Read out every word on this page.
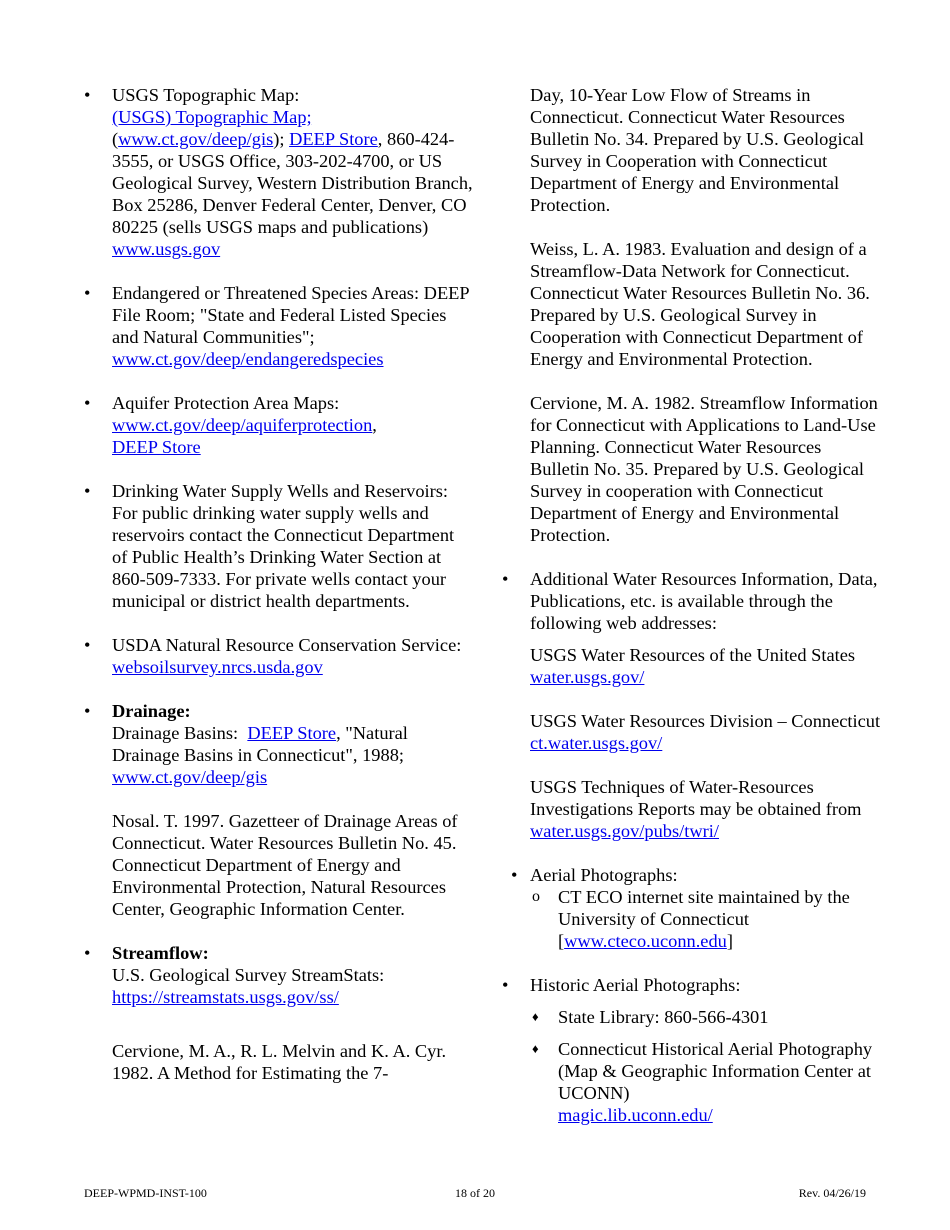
•	USGS Topographic Map:
(USGS) Topographic Map;
(www.ct.gov/deep/gis); DEEP Store, 860-424-3555, or USGS Office, 303-202-4700, or US Geological Survey, Western Distribution Branch, Box 25286, Denver Federal Center, Denver, CO 80225 (sells USGS maps and publications)
www.usgs.gov
•	Endangered or Threatened Species Areas: DEEP File Room; "State and Federal Listed Species and Natural Communities";
www.ct.gov/deep/endangeredspecies
•	Aquifer Protection Area Maps:
www.ct.gov/deep/aquiferprotection,
DEEP Store
•	Drinking Water Supply Wells and Reservoirs: For public drinking water supply wells and reservoirs contact the Connecticut Department of Public Health’s Drinking Water Section at 860-509-7333. For private wells contact your municipal or district health departments.
•	USDA Natural Resource Conservation Service: websoilsurvey.nrcs.usda.gov
•	Drainage:
Drainage Basins:  DEEP Store, "Natural Drainage Basins in Connecticut", 1988;
www.ct.gov/deep/gis
Nosal. T. 1997. Gazetteer of Drainage Areas of Connecticut. Water Resources Bulletin No. 45. Connecticut Department of Energy and Environmental Protection, Natural Resources Center, Geographic Information Center.
•	Streamflow:
U.S. Geological Survey StreamStats:
https://streamstats.usgs.gov/ss/
Cervione, M. A., R. L. Melvin and K. A. Cyr. 1982. A Method for Estimating the 7-
Day, 10-Year Low Flow of Streams in Connecticut. Connecticut Water Resources Bulletin No. 34. Prepared by U.S. Geological Survey in Cooperation with Connecticut Department of Energy and Environmental Protection.
Weiss, L. A. 1983. Evaluation and design of a Streamflow-Data Network for Connecticut. Connecticut Water Resources Bulletin No. 36. Prepared by U.S. Geological Survey in Cooperation with Connecticut Department of Energy and Environmental Protection.
Cervione, M. A. 1982. Streamflow Information for Connecticut with Applications to Land-Use Planning. Connecticut Water Resources Bulletin No. 35. Prepared by U.S. Geological Survey in cooperation with Connecticut Department of Energy and Environmental Protection.
•	Additional Water Resources Information, Data, Publications, etc. is available through the following web addresses:
USGS Water Resources of the United States
water.usgs.gov/
USGS Water Resources Division – Connecticut  ct.water.usgs.gov/
USGS Techniques of Water-Resources Investigations Reports may be obtained from
water.usgs.gov/pubs/twri/
• Aerial Photographs:
o CT ECO internet site maintained by the University of Connecticut
[www.cteco.uconn.edu]
•	Historic Aerial Photographs:
♦ State Library: 860-566-4301
♦ Connecticut Historical Aerial Photography (Map & Geographic Information Center at UCONN)
magic.lib.uconn.edu/
DEEP-WPMD-INST-100	18 of 20	Rev. 04/26/19
